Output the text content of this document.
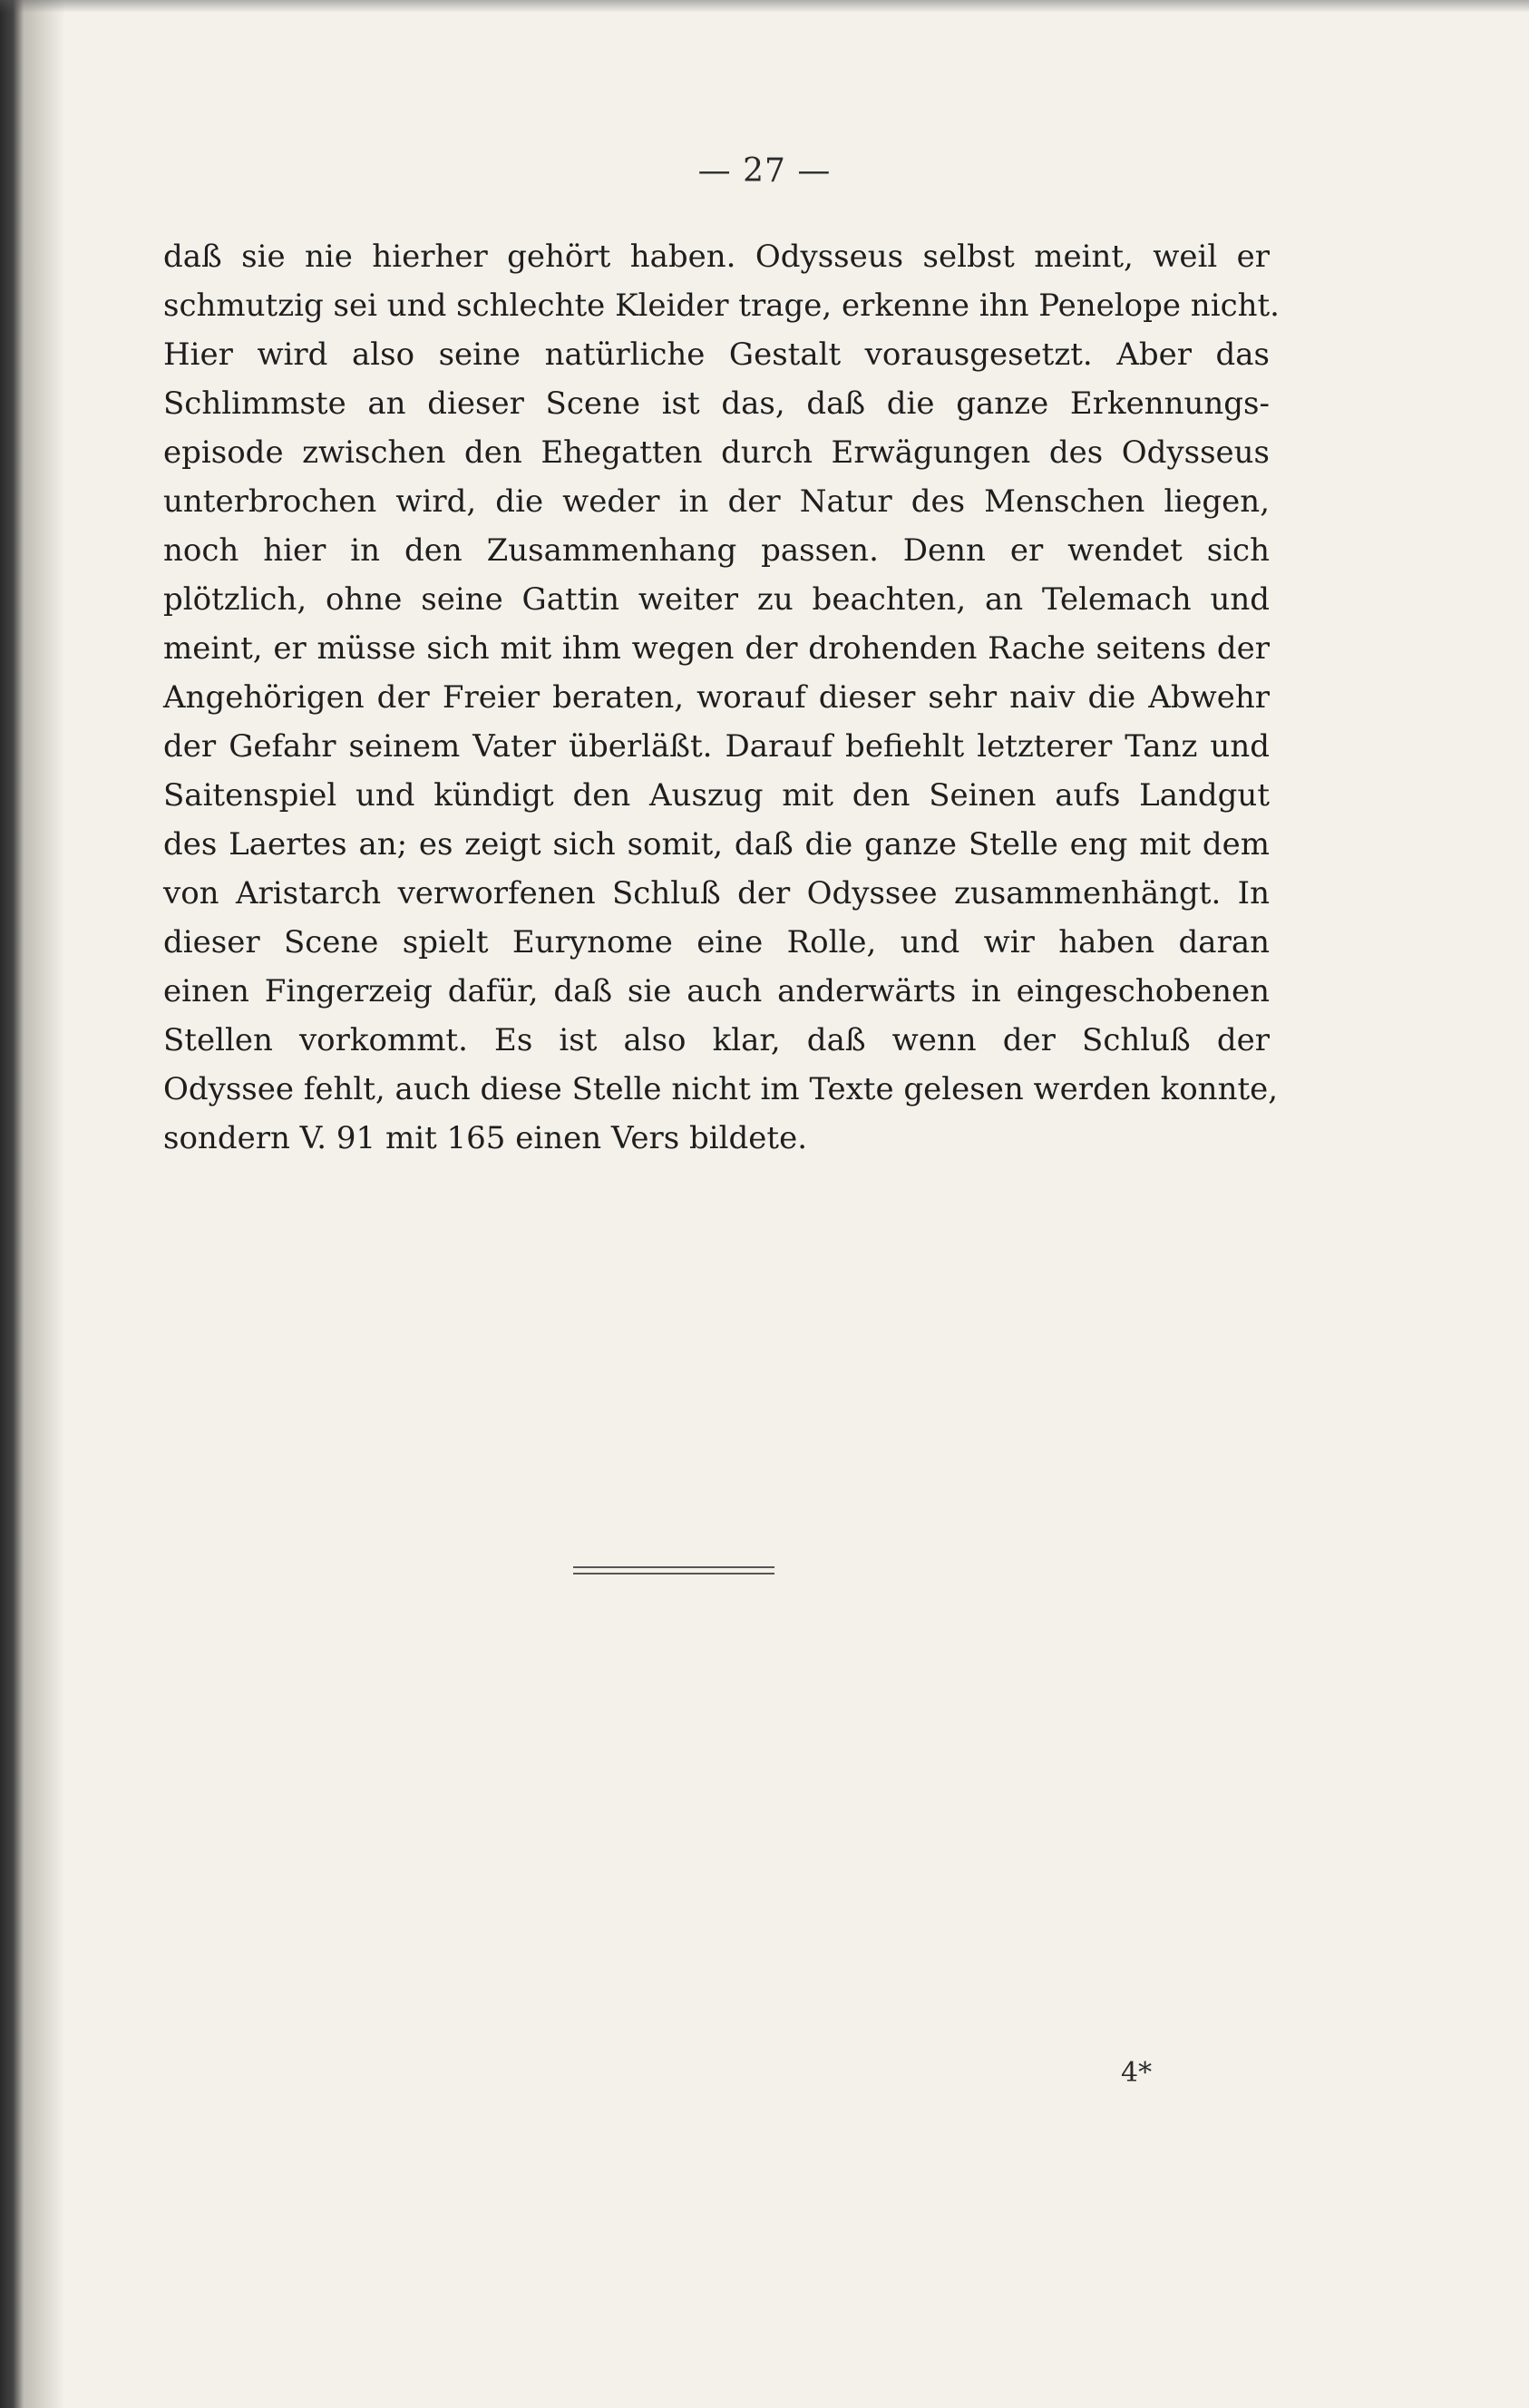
— 27 —
daß sie nie hierher gehört haben. Odysseus selbst meint, weil er
schmutzig sei und schlechte Kleider trage, erkenne ihn Penelope nicht.
Hier wird also seine natürliche Gestalt vorausgesetzt. Aber das
Schlimmste an dieser Scene ist das, daß die ganze Erkennungs-
episode zwischen den Ehegatten durch Erwägungen des Odysseus
unterbrochen wird, die weder in der Natur des Menschen liegen,
noch hier in den Zusammenhang passen. Denn er wendet sich
plötzlich, ohne seine Gattin weiter zu beachten, an Telemach und
meint, er müsse sich mit ihm wegen der drohenden Rache seitens der
Angehörigen der Freier beraten, worauf dieser sehr naiv die Abwehr
der Gefahr seinem Vater überläßt. Darauf befiehlt letzterer Tanz und
Saitenspiel und kündigt den Auszug mit den Seinen aufs Landgut
des Laertes an; es zeigt sich somit, daß die ganze Stelle eng mit dem
von Aristarch verworfenen Schluß der Odyssee zusammenhängt. In
dieser Scene spielt Eurynome eine Rolle, und wir haben daran
einen Fingerzeig dafür, daß sie auch anderwärts in eingeschobenen
Stellen vorkommt. Es ist also klar, daß wenn der Schluß der
Odyssee fehlt, auch diese Stelle nicht im Texte gelesen werden konnte,
sondern V. 91 mit 165 einen Vers bildete.
4*
